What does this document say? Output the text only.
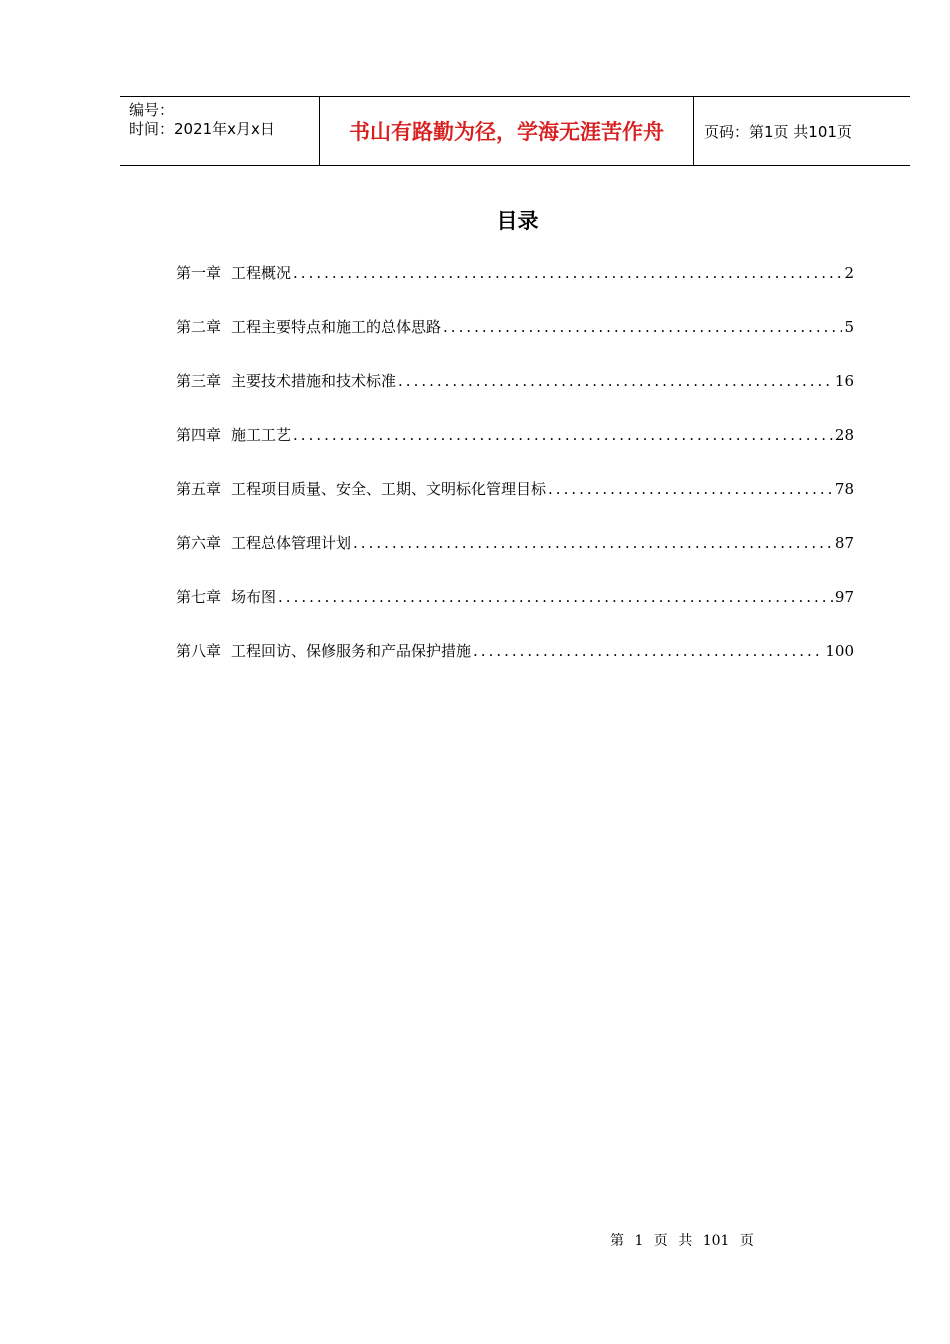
编号：
时间：2021年x月x日	书山有路勤为径，学海无涯苦作舟	页码：第1页 共101页
目录
第一章 工程概况 .....	2
第二章 工程主要特点和施工的总体思路 .....	5
第三章 主要技术措施和技术标准 .....	16
第四章 施工工艺 .....	28
第五章 工程项目质量、安全、工期、文明标化管理目标 .....	78
第六章 工程总体管理计划 .....	87
第七章 场布图 .....	97
第八章 工程回访、保修服务和产品保护措施 .....	100
第 1 页 共 101 页
